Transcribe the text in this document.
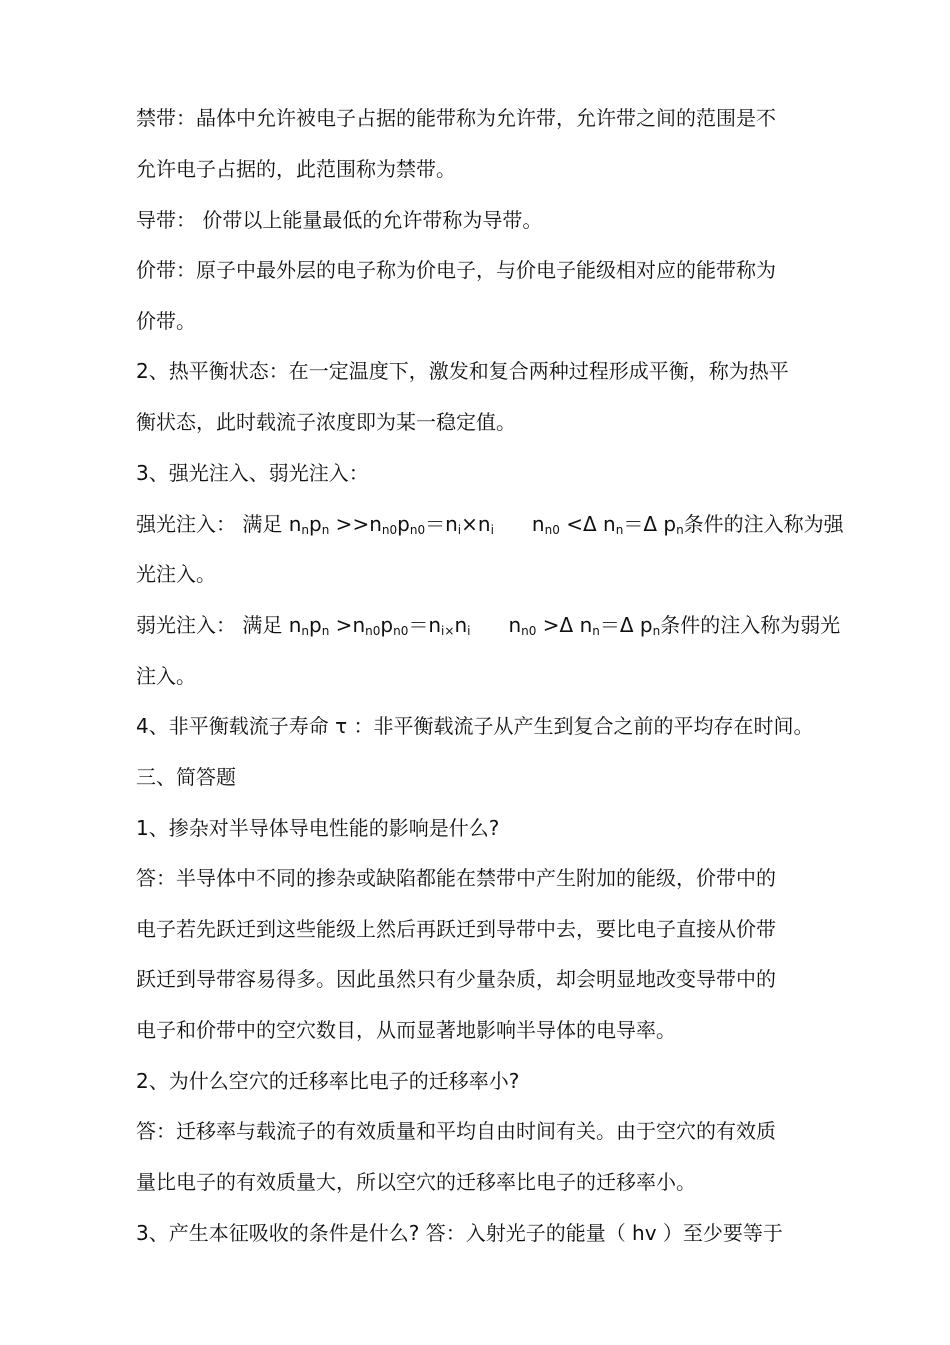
禁带：晶体中允许被电子占据的能带称为允许带，允许带之间的范围是不
允许电子占据的，此范围称为禁带。
导带： 价带以上能量最低的允许带称为导带。
价带：原子中最外层的电子称为价电子，与价电子能级相对应的能带称为
价带。
2、热平衡状态：在一定温度下，激发和复合两种过程形成平衡，称为热平
衡状态，此时载流子浓度即为某一稳定值。
3、强光注入、弱光注入：
强光注入： 满足 $n_np_n >>n_{n0}p_{n0}=n_i\times n_i$ $n_{n0} <\Delta$ $n_n=\Delta$ $p_n$条件的注入称为强
光注入。
弱光注入： 满足 $n_np_n >n_{n0}p_{n0}=n_{i\times}n_i$ $n_{n0} >\Delta$ $n_n=\Delta$ $p_n$条件的注入称为弱光
注入。
4、非平衡载流子寿命 τ ：非平衡载流子从产生到复合之前的平均存在时间。
三、简答题
1、掺杂对半导体导电性能的影响是什么?
答：半导体中不同的掺杂或缺陷都能在禁带中产生附加的能级，价带中的
电子若先跃迁到这些能级上然后再跃迁到导带中去，要比电子直接从价带
跃迁到导带容易得多。因此虽然只有少量杂质，却会明显地改变导带中的
电子和价带中的空穴数目，从而显著地影响半导体的电导率。
2、为什么空穴的迁移率比电子的迁移率小?
答：迁移率与载流子的有效质量和平均自由时间有关。由于空穴的有效质
量比电子的有效质量大，所以空穴的迁移率比电子的迁移率小。
3、产生本征吸收的条件是什么? 答：入射光子的能量（ hv ）至少要等于
